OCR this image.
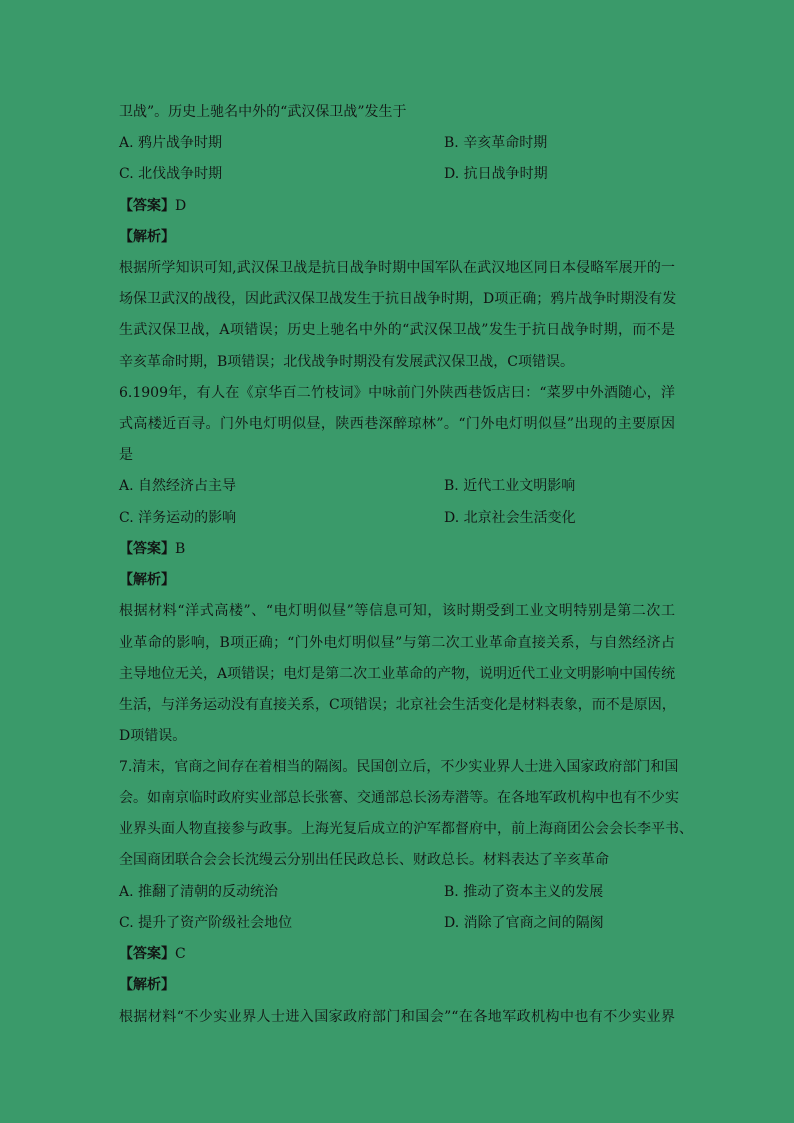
卫战”。历史上驰名中外的“武汉保卫战”发生于
A. 鸦片战争时期	B. 辛亥革命时期
C. 北伐战争时期	D. 抗日战争时期
【答案】D
【解析】
根据所学知识可知,武汉保卫战是抗日战争时期中国军队在武汉地区同日本侵略军展开的一
场保卫武汉的战役，因此武汉保卫战发生于抗日战争时期，D项正确；鸦片战争时期没有发
生武汉保卫战，A项错误；历史上驰名中外的“武汉保卫战”发生于抗日战争时期，而不是
辛亥革命时期，B项错误；北伐战争时期没有发展武汉保卫战，C项错误。
6.1909年，有人在《京华百二竹枝词》中咏前门外陕西巷饭店曰：“菜罗中外酒随心，洋
式高楼近百寻。门外电灯明似昼，陕西巷深醉琼林”。“门外电灯明似昼”出现的主要原因
是
A. 自然经济占主导	B. 近代工业文明影响
C. 洋务运动的影响	D. 北京社会生活变化
【答案】B
【解析】
根据材料“洋式高楼”、“电灯明似昼”等信息可知，该时期受到工业文明特别是第二次工
业革命的影响，B项正确；“门外电灯明似昼”与第二次工业革命直接关系，与自然经济占
主导地位无关，A项错误；电灯是第二次工业革命的产物，说明近代工业文明影响中国传统
生活，与洋务运动没有直接关系，C项错误；北京社会生活变化是材料表象，而不是原因，
D项错误。
7.清末，官商之间存在着相当的隔阂。民国创立后，不少实业界人士进入国家政府部门和国
会。如南京临时政府实业部总长张謇、交通部总长汤寿潜等。在各地军政机构中也有不少实
业界头面人物直接参与政事。上海光复后成立的沪军都督府中，前上海商团公会会长李平书、
全国商团联合会会长沈缦云分别出任民政总长、财政总长。材料表达了辛亥革命
A. 推翻了清朝的反动统治	B. 推动了资本主义的发展
C. 提升了资产阶级社会地位	D. 消除了官商之间的隔阂
【答案】C
【解析】
根据材料“不少实业界人士进入国家政府部门和国会”“在各地军政机构中也有不少实业界
